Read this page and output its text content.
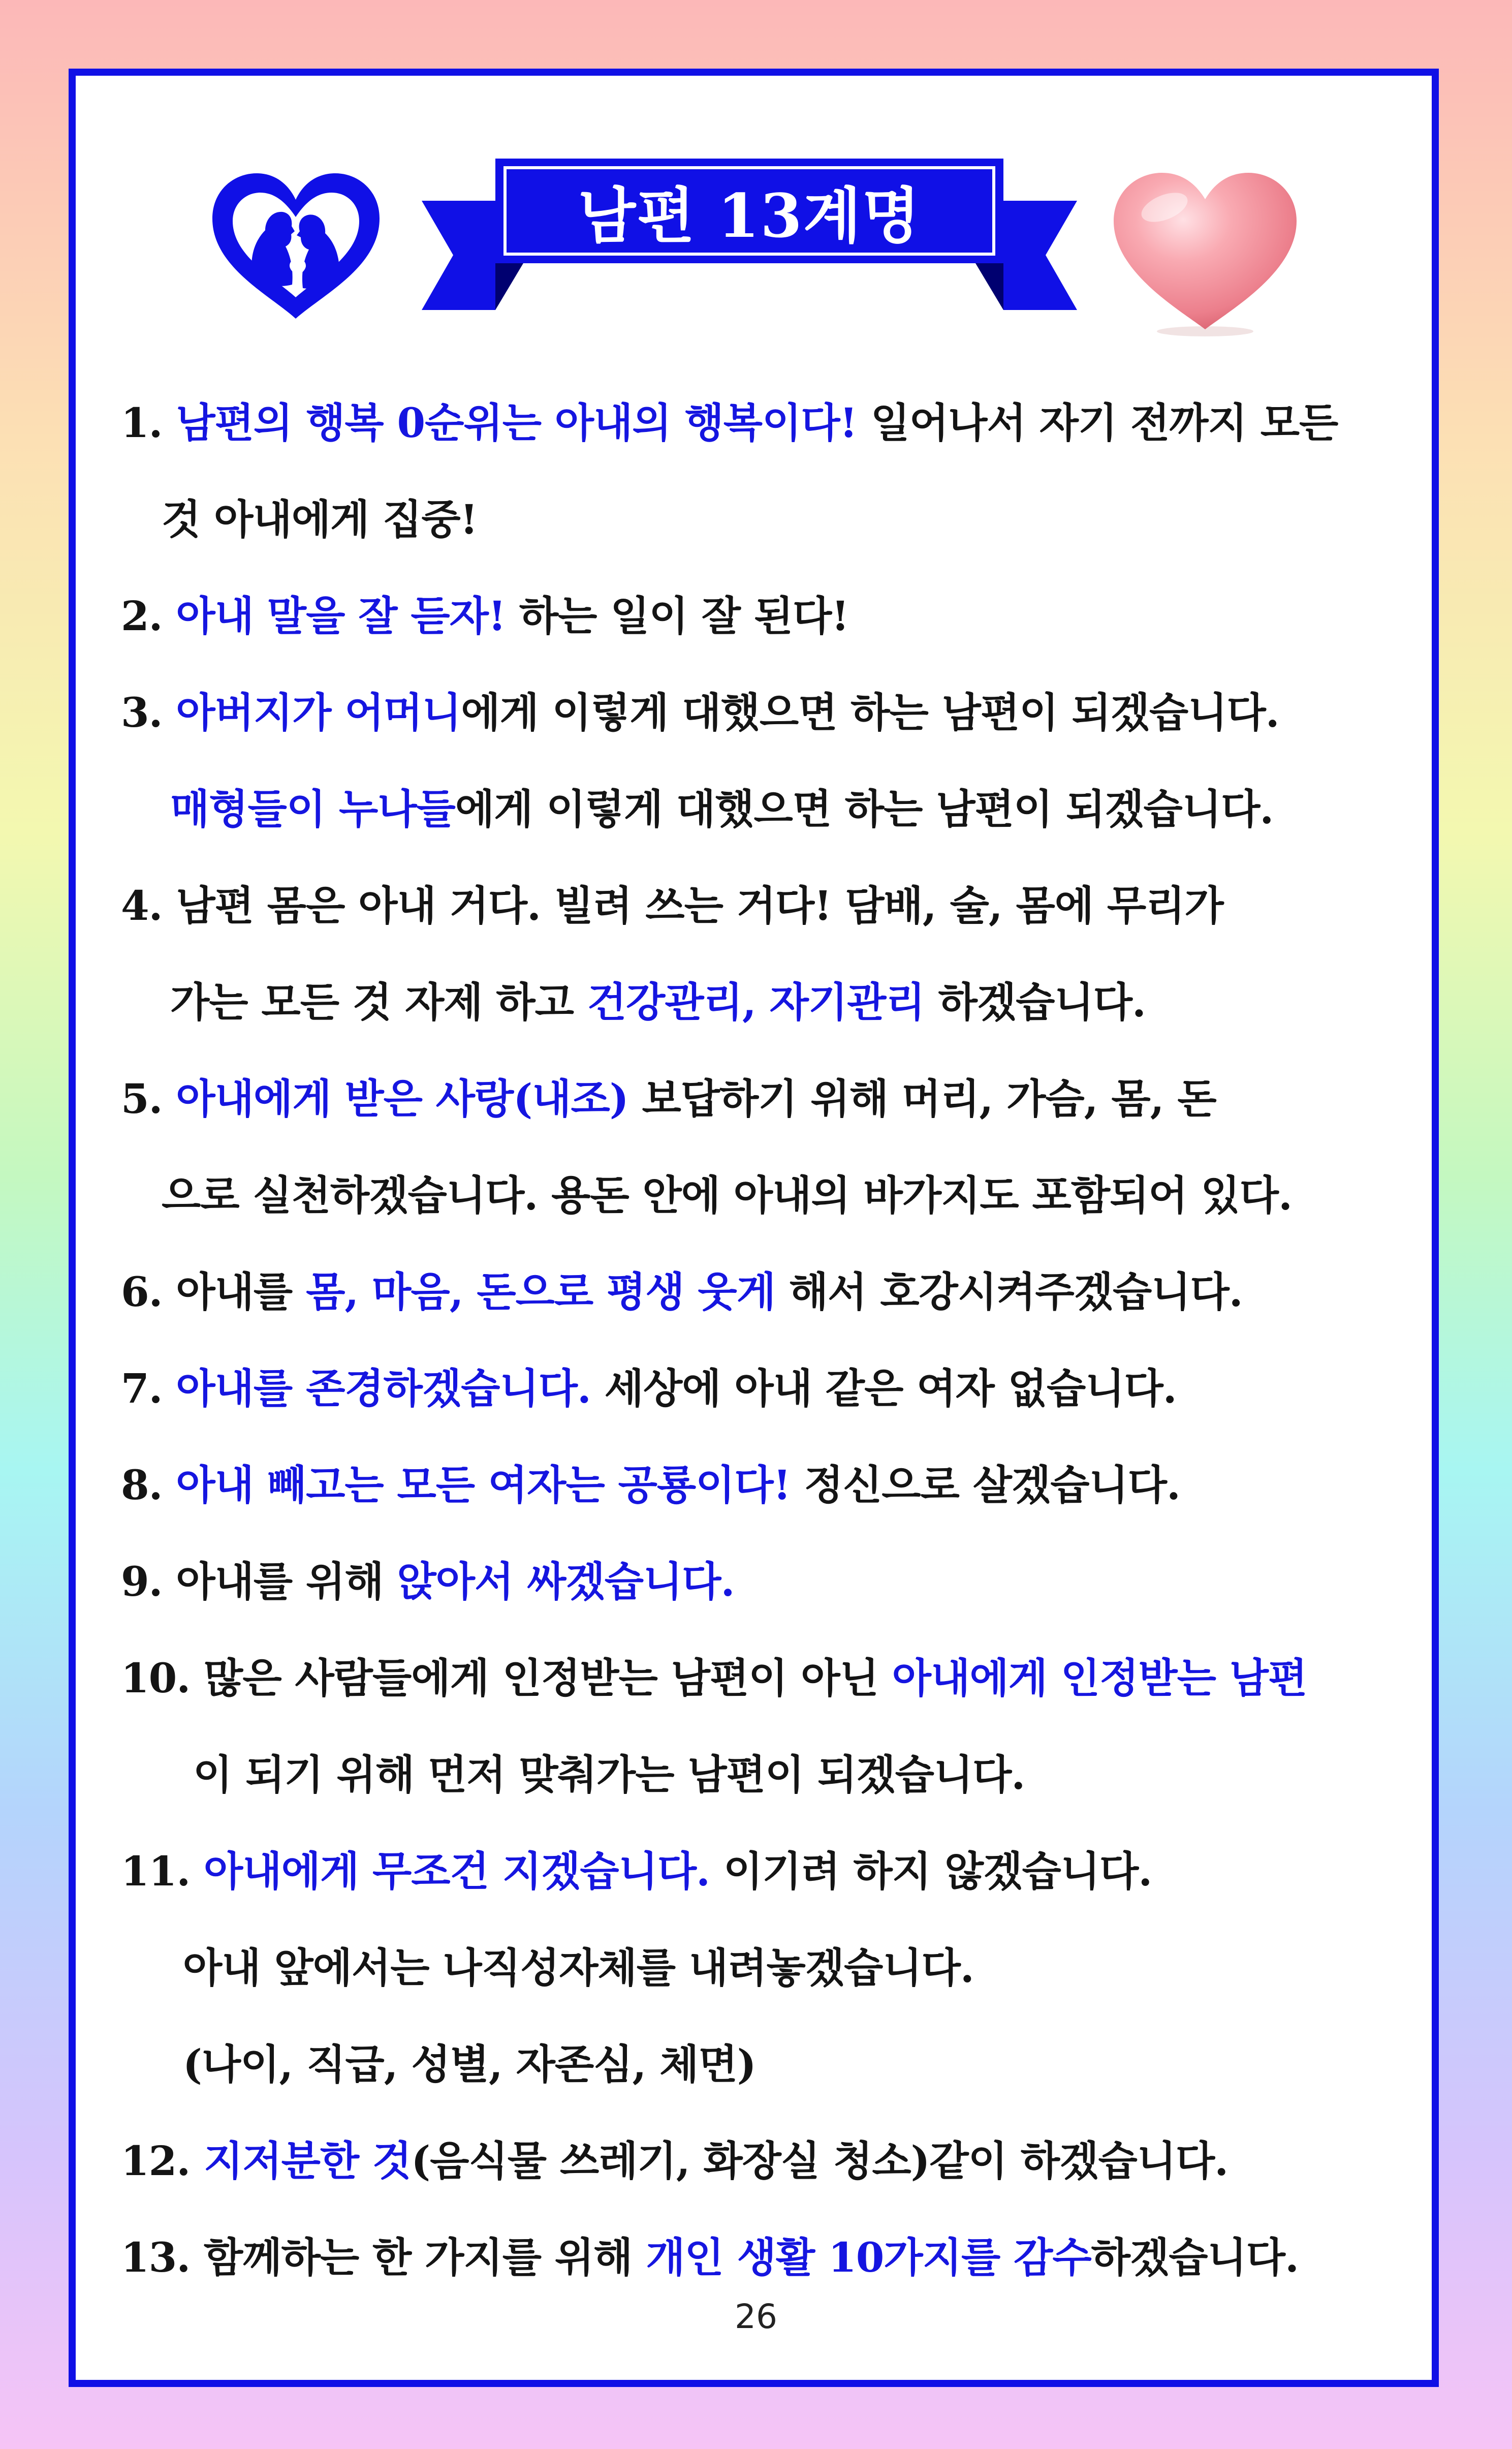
남편 13계명
1. 남편의 행복 0순위는 아내의 행복이다! 일어나서 자기 전까지 모든
것 아내에게 집중!
2. 아내 말을 잘 듣자! 하는 일이 잘 된다!
3. 아버지가 어머니에게 이렇게 대했으면 하는 남편이 되겠습니다.
매형들이 누나들에게 이렇게 대했으면 하는 남편이 되겠습니다.
4. 남편 몸은 아내 거다. 빌려 쓰는 거다! 담배, 술, 몸에 무리가
가는 모든 것 자제 하고 건강관리, 자기관리 하겠습니다.
5. 아내에게 받은 사랑(내조) 보답하기 위해 머리, 가슴, 몸, 돈
으로 실천하겠습니다. 용돈 안에 아내의 바가지도 포함되어 있다.
6. 아내를 몸, 마음, 돈으로 평생 웃게 해서 호강시켜주겠습니다.
7. 아내를 존경하겠습니다. 세상에 아내 같은 여자 없습니다.
8. 아내 빼고는 모든 여자는 공룡이다! 정신으로 살겠습니다.
9. 아내를 위해 앉아서 싸겠습니다.
10. 많은 사람들에게 인정받는 남편이 아닌 아내에게 인정받는 남편
이 되기 위해 먼저 맞춰가는 남편이 되겠습니다.
11. 아내에게 무조건 지겠습니다. 이기려 하지 않겠습니다.
아내 앞에서는 나직성자체를 내려놓겠습니다.
(나이, 직급, 성별, 자존심, 체면)
12. 지저분한 것(음식물 쓰레기, 화장실 청소)같이 하겠습니다.
13. 함께하는 한 가지를 위해 개인 생활 10가지를 감수하겠습니다.
26
